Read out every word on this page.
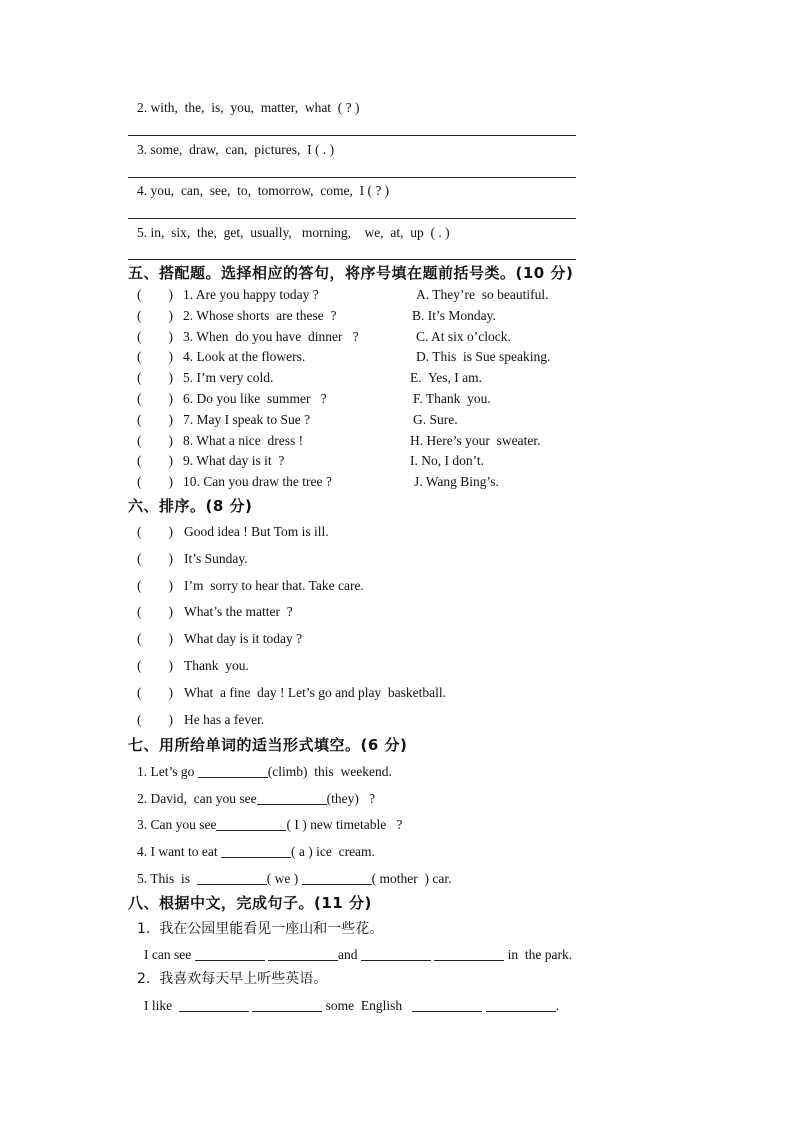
2. with,  the,  is,  you,  matter,  what  ( ? )
3. some,  draw,  can,  pictures,  I ( . )
4. you,  can,  see,  to,  tomorrow,  come,  I ( ? )
5. in,  six,  the,  get,  usually,   morning,    we,  at,  up  ( . )
五、搭配题。选择相应的答句，将序号填在题前括号类。(10 分)
(        ) 1. Are you happy today ?	A. They’re  so beautiful.
(        ) 2. Whose shorts  are these  ?	B. It’s Monday.
(        ) 3. When  do you have  dinner   ?	C. At six o’clock.
(        ) 4. Look at the flowers.	D. This  is Sue speaking.
(        ) 5. I’m very cold.	E.  Yes, I am.
(        ) 6. Do you like  summer   ?	F. Thank  you.
(        ) 7. May I speak to Sue ?	G. Sure.
(        ) 8. What a nice  dress !	H. Here’s your  sweater.
(        ) 9. What day is it  ?	I. No, I don’t.
(        ) 10. Can you draw the tree ?	J. Wang Bing’s.
六、排序。(8 分)
(        ) Good idea ! But Tom is ill.
(        ) It’s Sunday.
(        ) I’m  sorry to hear that. Take care.
(        ) What’s the matter  ?
(        ) What day is it today ?
(        ) Thank  you.
(        ) What  a fine  day ! Let’s go and play  basketball.
(        ) He has a fever.
七、用所给单词的适当形式填空。(6 分)
1. Let’s go	(climb)  this  weekend.
2. David,  can you see	(they)   ?
3. Can you see	( I ) new timetable   ?
4. I want to eat	( a ) ice  cream.
5. This  is	( we )	( mother  ) car.
八、根据中文，完成句子。(11 分)
1.  我在公园里能看见一座山和一些花。
I can see	and	in  the park.
2.  我喜欢每天早上听些英语。
I like	some  English	.
